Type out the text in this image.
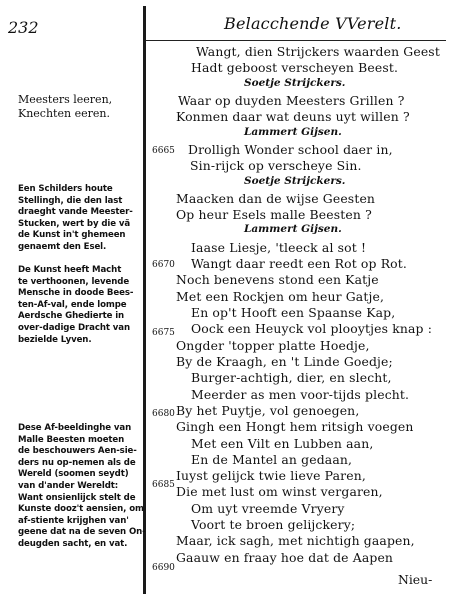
232	Belacchende VVerelt.
Meesters leeren,
Knechten eeren.
Een Schilders houte
Stellingh, die den last
draeght vande Meester-
Stucken, wert by die vã
de Kunst in't ghemeen
genaemt den Esel.
De Kunst heeft Macht
te verthoonen, levende
Mensche in doode Bees-
ten-Af-val, ende lompe
Aerdsche Ghedierte in
over-dadige Dracht van
bezielde Lyven.
Dese Af-beeldinghe van
Malle Beesten moeten
de beschouwers Aen-sie-
ders nu op-nemen als de
Wereld (soomen seydt)
van d'ander Wereldt:
Want onsienlijck stelt de
Kunste dooz't aensien, om
af-stiente krijghen van'
geene dat na de seven On-
deugden sacht, en vat.
Wangt, dien Strijckers waarden Geest
Hadt geboost verscheyen Beest.
Soetje Strijckers.
Waar op duyden Meesters Grillen ?
Konmen daar wat deuns uyt willen ?
Lammert Gijsen.
Drolligh Wonder school daer in,
Sin-rijck op verscheye Sin.
Soetje Strijckers.
Maacken dan de wijse Geesten
Op heur Esels malle Beesten ?
Lammert Gijsen.
Iaase Liesje, 'tleeck al sot !
Wangt daar reedt een Rot op Rot.
Noch benevens stond een Katje
Met een Rockjen om heur Gatje,
En op't Hooft een Spaanse Kap,
Oock een Heuyck vol plooytjes knap :
Ongder 'topper platte Hoedje,
By de Kraagh, en 't Linde Goedje;
Burger-achtigh, dier, en slecht,
Meerder as men voor-tijds plecht.
By het Puytje, vol genoegen,
Gingh een Hongt hem ritsigh voegen
Met een Vilt en Lubben aan,
En de Mantel an gedaan,
Iuyst gelijck twie lieve Paren,
Die met lust om winst vergaren,
Om uyt vreemde Vryery
Voort te broen gelijckery;
Maar, ick sagh, met nichtigh gaapen,
Gaauw en fraay hoe dat de Aapen
6665
6670
6675
6680
6685
6690
Nieu-
